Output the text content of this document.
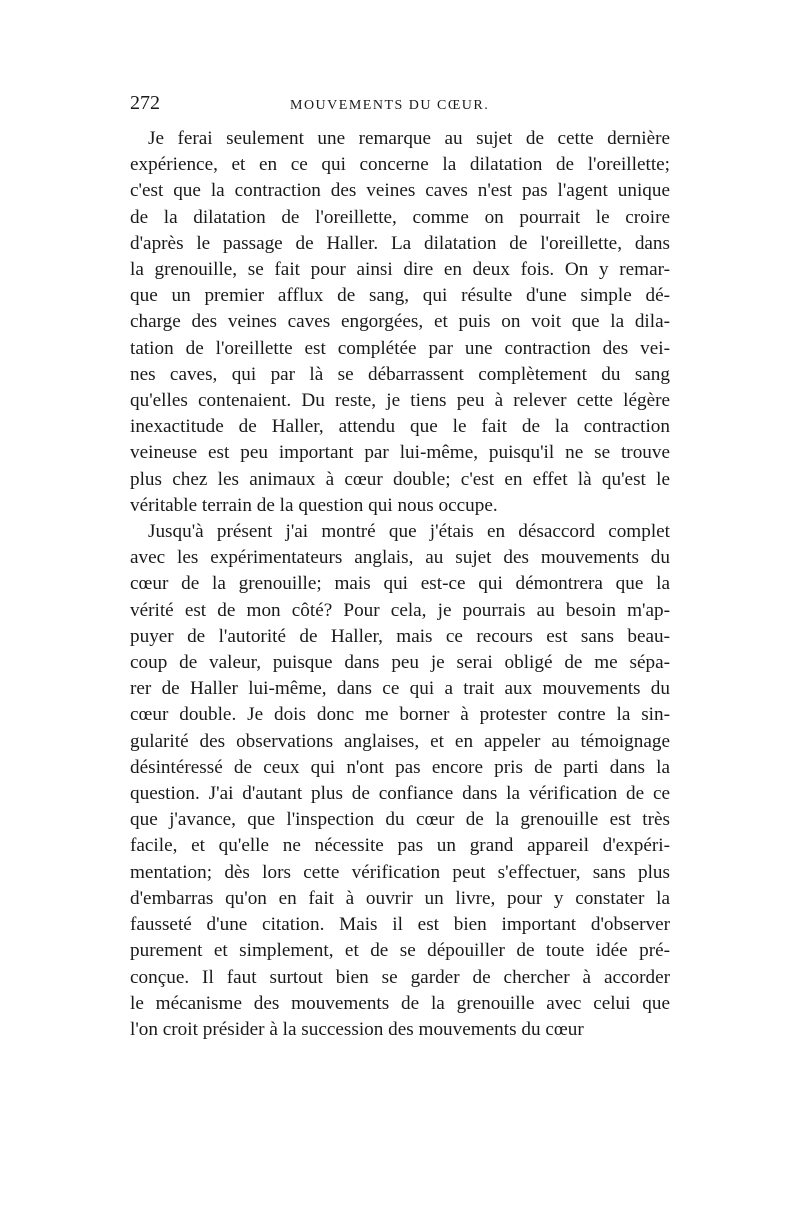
272	MOUVEMENTS DU CŒUR.

Je ferai seulement une remarque au sujet de cette dernière
expérience, et en ce qui concerne la dilatation de l'oreillette;
c'est que la contraction des veines caves n'est pas l'agent unique
de la dilatation de l'oreillette, comme on pourrait le croire
d'après le passage de Haller. La dilatation de l'oreillette, dans
la grenouille, se fait pour ainsi dire en deux fois. On y remar-
que un premier afflux de sang, qui résulte d'une simple dé-
charge des veines caves engorgées, et puis on voit que la dila-
tation de l'oreillette est complétée par une contraction des vei-
nes caves, qui par là se débarrassent complètement du sang
qu'elles contenaient. Du reste, je tiens peu à relever cette légère
inexactitude de Haller, attendu que le fait de la contraction
veineuse est peu important par lui-même, puisqu'il ne se trouve
plus chez les animaux à cœur double; c'est en effet là qu'est le
véritable terrain de la question qui nous occupe.

Jusqu'à présent j'ai montré que j'étais en désaccord complet
avec les expérimentateurs anglais, au sujet des mouvements du
cœur de la grenouille; mais qui est-ce qui démontrera que la
vérité est de mon côté? Pour cela, je pourrais au besoin m'ap-
puyer de l'autorité de Haller, mais ce recours est sans beau-
coup de valeur, puisque dans peu je serai obligé de me sépa-
rer de Haller lui-même, dans ce qui a trait aux mouvements du
cœur double. Je dois donc me borner à protester contre la sin-
gularité des observations anglaises, et en appeler au témoignage
désintéressé de ceux qui n'ont pas encore pris de parti dans la
question. J'ai d'autant plus de confiance dans la vérification de ce
que j'avance, que l'inspection du cœur de la grenouille est très
facile, et qu'elle ne nécessite pas un grand appareil d'expéri-
mentation; dès lors cette vérification peut s'effectuer, sans plus
d'embarras qu'on en fait à ouvrir un livre, pour y constater la
fausseté d'une citation. Mais il est bien important d'observer
purement et simplement, et de se dépouiller de toute idée pré-
conçue. Il faut surtout bien se garder de chercher à accorder
le mécanisme des mouvements de la grenouille avec celui que
l'on croit présider à la succession des mouvements du cœur
